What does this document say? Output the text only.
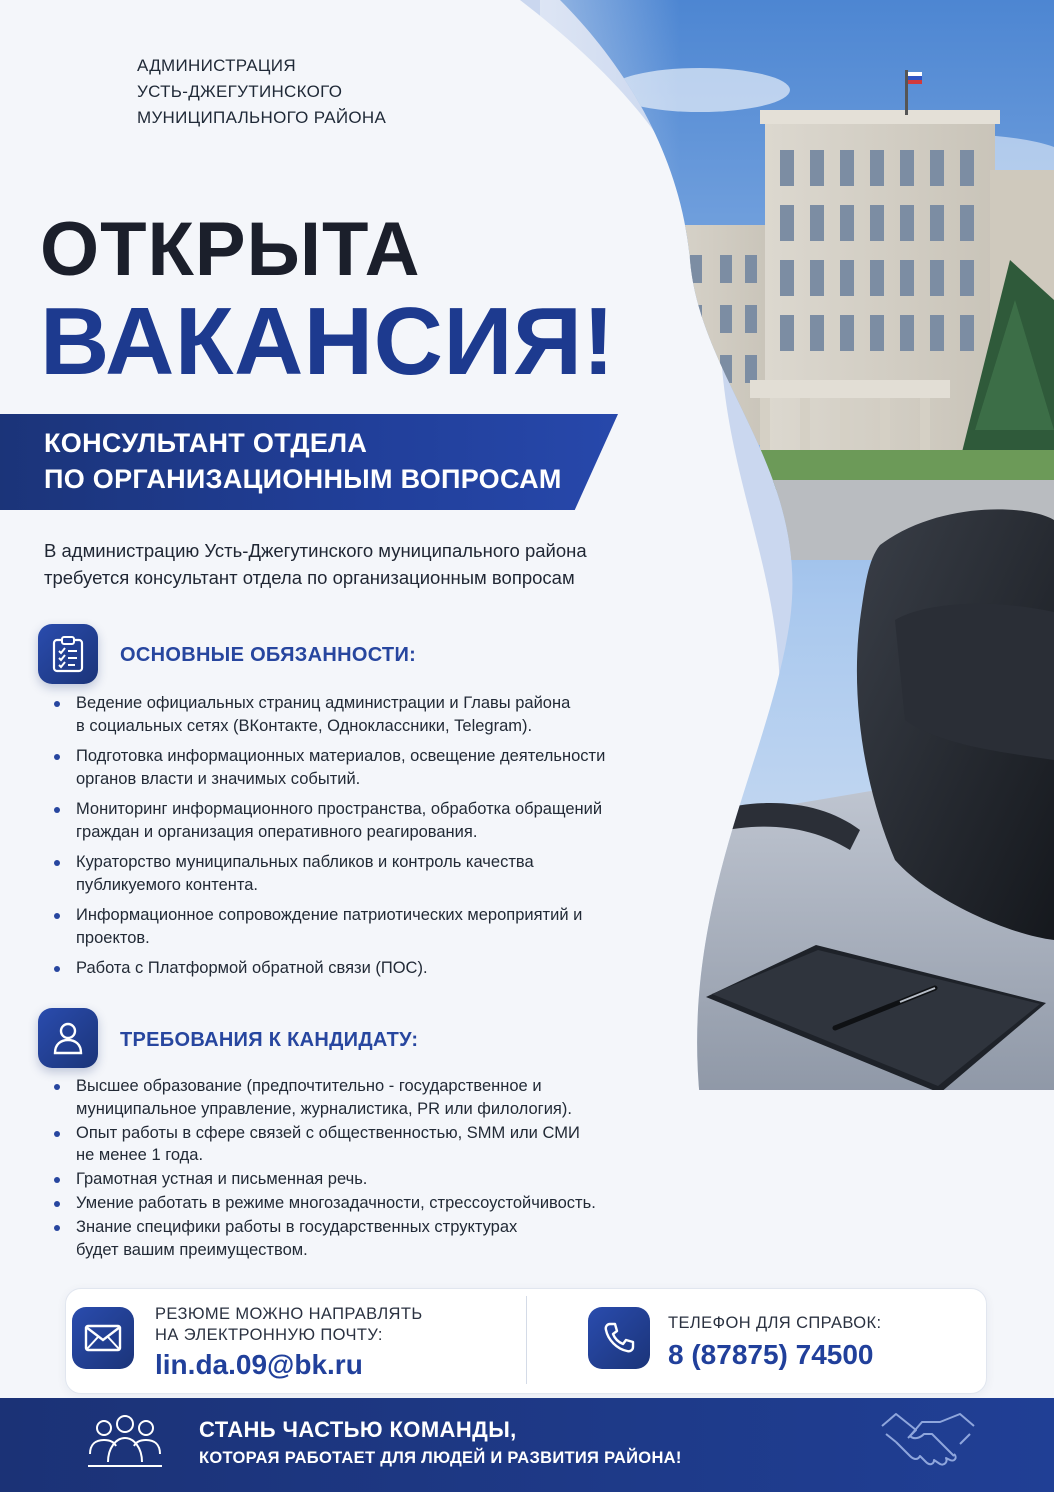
АДМИНИСТРАЦИЯ
УСТЬ-ДЖЕГУТИНСКОГО
МУНИЦИПАЛЬНОГО РАЙОНА
ОТКРЫТА
ВАКАНСИЯ!
КОНСУЛЬТАНТ ОТДЕЛА
ПО ОРГАНИЗАЦИОННЫМ ВОПРОСАМ
В администрацию Усть-Джегутинского муниципального района
требуется консультант отдела по организационным вопросам
ОСНОВНЫЕ ОБЯЗАННОСТИ:
Ведение официальных страниц администрации и Главы района
в социальных сетях (ВКонтакте, Одноклассники, Telegram).
Подготовка информационных материалов, освещение деятельности
органов власти и значимых событий.
Мониторинг информационного пространства, обработка обращений
граждан и организация оперативного реагирования.
Кураторство муниципальных пабликов и контроль качества
публикуемого контента.
Информационное сопровождение патриотических мероприятий и
проектов.
Работа с Платформой обратной связи (ПОС).
ТРЕБОВАНИЯ К КАНДИДАТУ:
Высшее образование (предпочтительно - государственное и
муниципальное управление, журналистика, PR или филология).
Опыт работы в сфере связей с общественностью, SMM или СМИ
не менее 1 года.
Грамотная устная и письменная речь.
Умение работать в режиме многозадачности, стрессоустойчивость.
Знание специфики работы в государственных структурах
будет вашим преимуществом.
РЕЗЮМЕ МОЖНО НАПРАВЛЯТЬ
НА ЭЛЕКТРОННУЮ ПОЧТУ:
lin.da.09@bk.ru
ТЕЛЕФОН ДЛЯ СПРАВОК:
8 (87875) 74500
СТАНЬ ЧАСТЬЮ КОМАНДЫ,
КОТОРАЯ РАБОТАЕТ ДЛЯ ЛЮДЕЙ И РАЗВИТИЯ РАЙОНА!
